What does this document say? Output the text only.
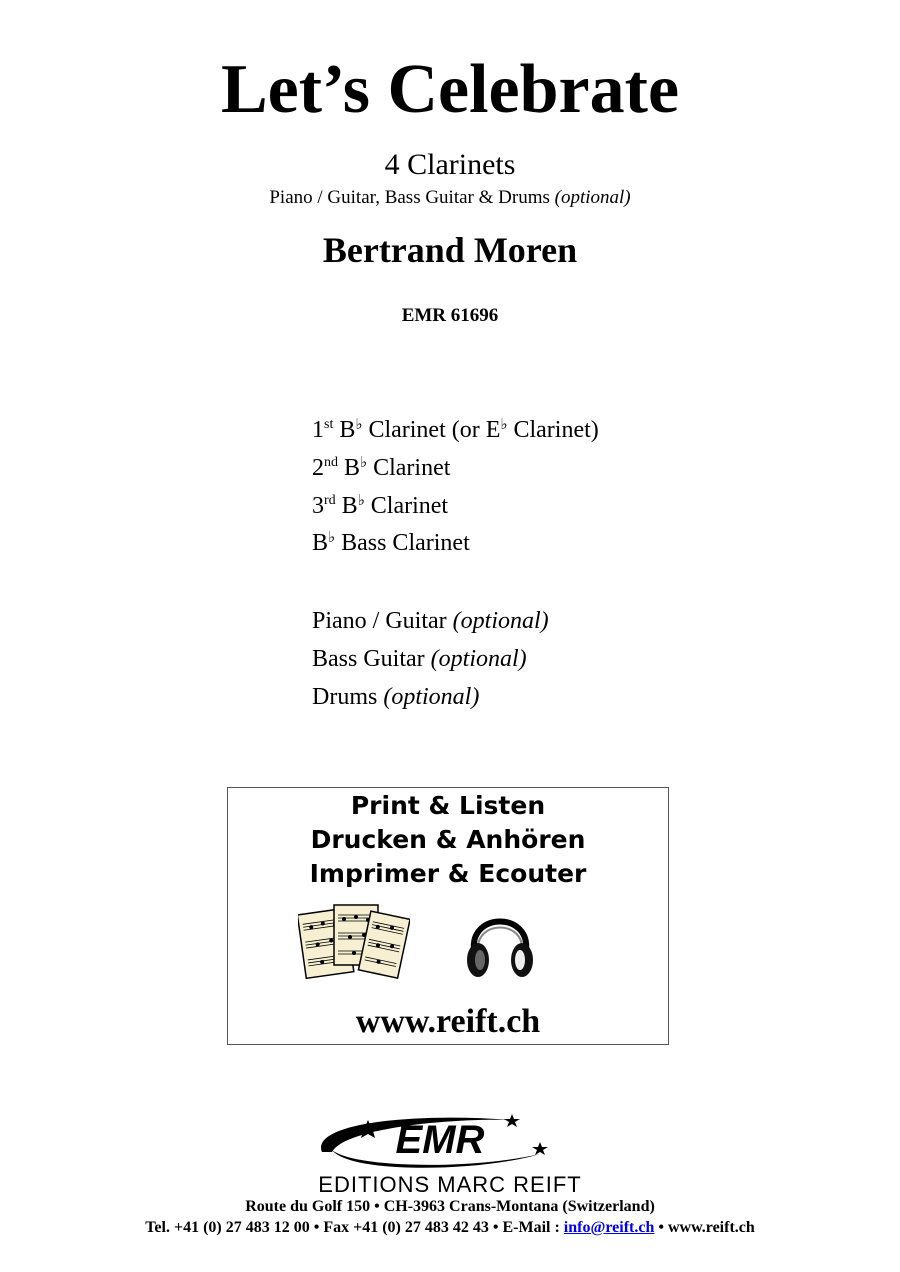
Let’s Celebrate
4 Clarinets
Piano / Guitar, Bass Guitar & Drums (optional)
Bertrand Moren
EMR 61696
1st B♭ Clarinet (or E♭ Clarinet)
2nd B♭ Clarinet
3rd B♭ Clarinet
B♭ Bass Clarinet
Piano / Guitar (optional)
Bass Guitar (optional)
Drums (optional)
Print & Listen
Drucken & Anhören
Imprimer & Ecouter
www.reift.ch
EMR
EDITIONS MARC REIFT
Route du Golf 150 • CH-3963 Crans-Montana (Switzerland)
Tel. +41 (0) 27 483 12 00 • Fax +41 (0) 27 483 42 43 • E-Mail : info@reift.ch • www.reift.ch
